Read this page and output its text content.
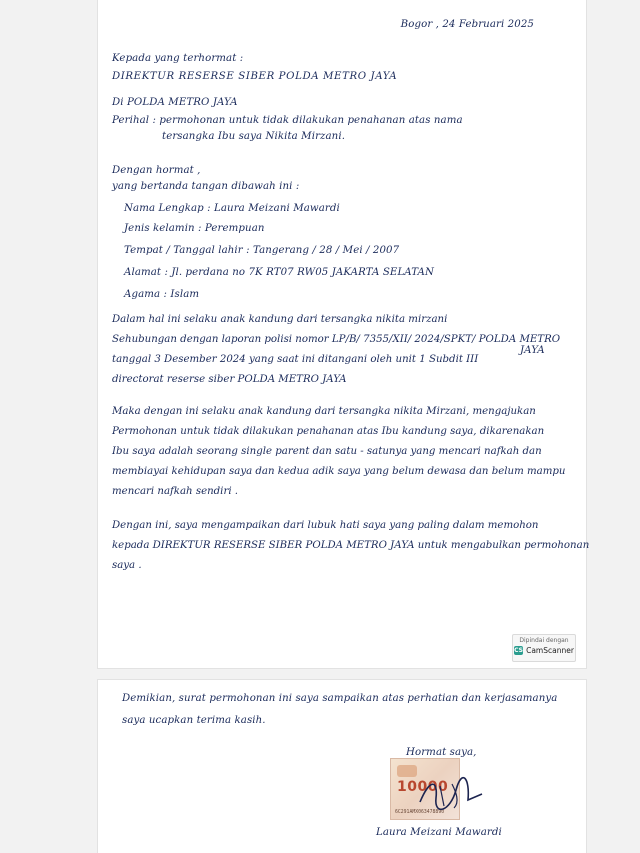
Bogor , 24 Februari 2025
Kepada yang terhormat :
DIREKTUR RESERSE SIBER POLDA METRO JAYA
Di POLDA METRO JAYA
Perihal : permohonan untuk tidak dilakukan penahanan atas nama
tersangka Ibu saya Nikita Mirzani.
Dengan hormat ,
yang bertanda tangan dibawah ini :
Nama Lengkap : Laura Meizani Mawardi
Jenis kelamin : Perempuan
Tempat / Tanggal lahir : Tangerang / 28 / Mei / 2007
Alamat : Jl. perdana no 7K RT07 RW05 JAKARTA SELATAN
Agama : Islam
Dalam hal ini selaku anak kandung dari tersangka nikita mirzani
Sehubungan dengan laporan polisi nomor LP/B/ 7355/XII/ 2024/SPKT/ POLDA METRO
tanggal 3 Desember 2024 yang saat ini ditangani oleh unit 1 Subdit III
directorat reserse siber POLDA METRO JAYA
JAYA
Maka dengan ini selaku anak kandung dari tersangka nikita Mirzani, mengajukan
Permohonan untuk tidak dilakukan penahanan atas Ibu kandung saya, dikarenakan
Ibu saya adalah seorang single parent dan satu - satunya yang mencari nafkah dan
membiayai kehidupan saya dan kedua adik saya yang belum dewasa dan belum mampu
mencari nafkah sendiri .
Dengan ini, saya mengampaikan dari lubuk hati saya yang paling dalam memohon
kepada DIREKTUR RESERSE SIBER POLDA METRO JAYA untuk mengabulkan permohonan
saya .
Dipindai dengan
CS CamScanner
Demikian, surat permohonan ini saya sampaikan atas perhatian dan kerjasamanya
saya ucapkan terima kasih.
Hormat saya,
10000
6C291AMX063478890
Laura Meizani Mawardi
